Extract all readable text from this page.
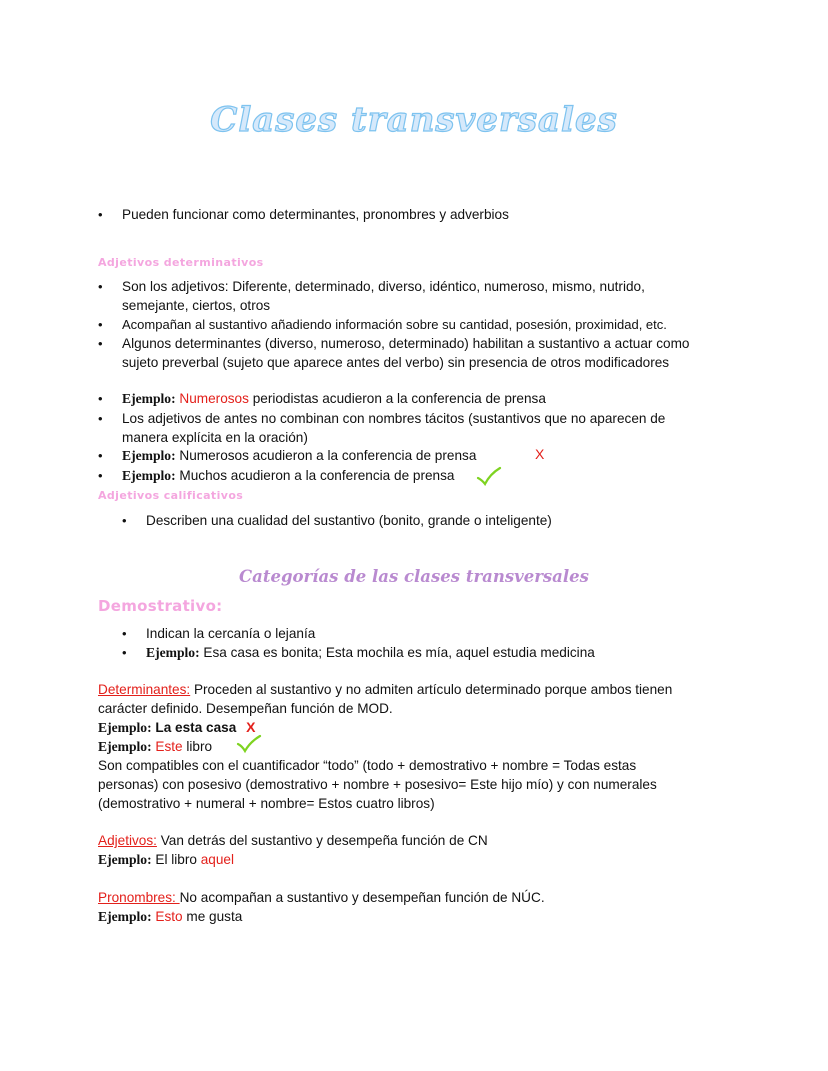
Clases transversales
• Pueden funcionar como determinantes, pronombres y adverbios
Adjetivos determinativos
• Son los adjetivos: Diferente, determinado, diverso, idéntico, numeroso, mismo, nutrido,
semejante, ciertos, otros
• Acompañan al sustantivo añadiendo información sobre su cantidad, posesión, proximidad, etc.
• Algunos determinantes (diverso, numeroso, determinado) habilitan a sustantivo a actuar como
sujeto preverbal (sujeto que aparece antes del verbo) sin presencia de otros modificadores
• Ejemplo: Numerosos periodistas acudieron a la conferencia de prensa
• Los adjetivos de antes no combinan con nombres tácitos (sustantivos que no aparecen de
manera explícita en la oración)
• Ejemplo: Numerosos acudieron a la conferencia de prensa	X
• Ejemplo: Muchos acudieron a la conferencia de prensa
Adjetivos calificativos
• Describen una cualidad del sustantivo (bonito, grande o inteligente)
Categorías de las clases transversales
Demostrativo:
• Indican la cercanía o lejanía
• Ejemplo: Esa casa es bonita; Esta mochila es mía, aquel estudia medicina
Determinantes: Proceden al sustantivo y no admiten artículo determinado porque ambos tienen
carácter definido. Desempeñan función de MOD.
Ejemplo: La esta casa X
Ejemplo: Este libro
Son compatibles con el cuantificador “todo” (todo + demostrativo + nombre = Todas estas
personas) con posesivo (demostrativo + nombre + posesivo= Este hijo mío) y con numerales
(demostrativo + numeral + nombre= Estos cuatro libros)
Adjetivos: Van detrás del sustantivo y desempeña función de CN
Ejemplo: El libro aquel
Pronombres: No acompañan a sustantivo y desempeñan función de NÚC.
Ejemplo: Esto me gusta
